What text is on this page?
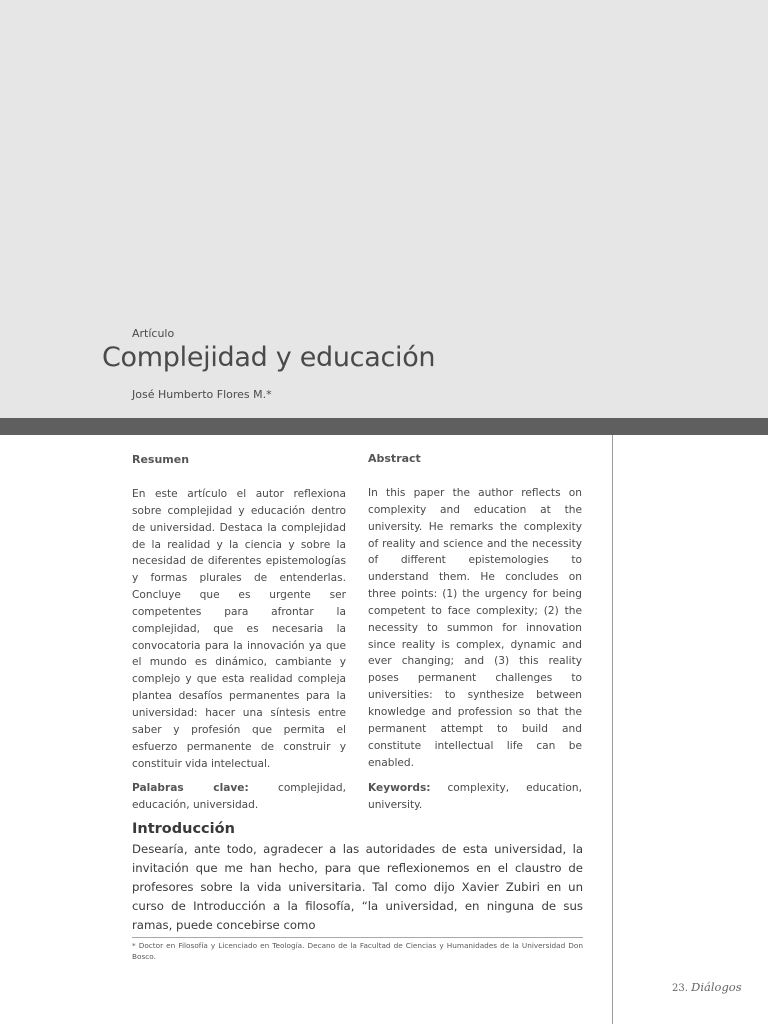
Artículo
Complejidad y educación
José Humberto Flores M.*
Resumen

En este artículo el autor reflexiona sobre complejidad y educación dentro de universidad. Destaca la complejidad de la realidad y la ciencia y sobre la necesidad de diferentes epistemologías y formas plurales de entenderlas. Concluye que es urgente ser competentes para afrontar la complejidad, que es necesaria la convocatoria para la innovación ya que el mundo es dinámico, cambiante y complejo y que esta realidad compleja plantea desafíos permanentes para la universidad: hacer una síntesis entre saber y profesión que permita el esfuerzo permanente de construir y constituir vida intelectual.

Palabras clave: complejidad, educación, universidad.

Abstract

In this paper the author reflects on complexity and education at the university. He remarks the complexity of reality and science and the necessity of different epistemologies to understand them. He concludes on three points: (1) the urgency for being competent to face complexity; (2) the necessity to summon for innovation since reality is complex, dynamic and ever changing; and (3) this reality poses permanent challenges to universities: to synthesize between knowledge and profession so that the permanent attempt to build and constitute intellectual life can be enabled.

Keywords: complexity, education, university.

Introducción

Desearía, ante todo, agradecer a las autoridades de esta universidad, la invitación que me han hecho, para que reflexionemos en el claustro de profesores sobre la vida universitaria. Tal como dijo Xavier Zubiri en un curso de Introducción a la filosofía, “la universidad, en ninguna de sus ramas, puede concebirse como

* Doctor en Filosofía y Licenciado en Teología. Decano de la Facultad de Ciencias y Humanidades de la Universidad Don Bosco.

23. Diálogos
